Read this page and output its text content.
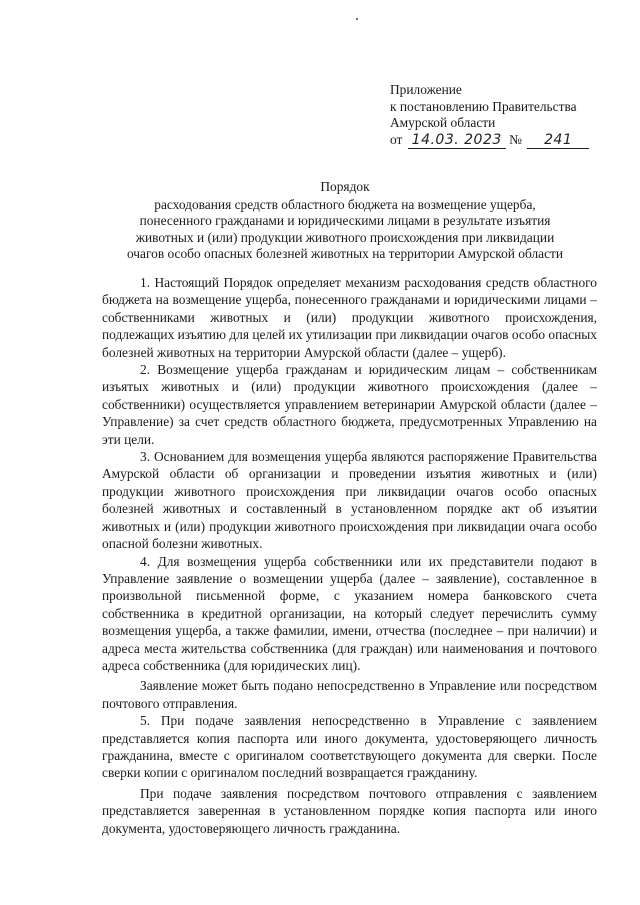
Приложение
к постановлению Правительства
Амурской области
от 14.03. 2023 № 241
Порядок
расходования средств областного бюджета на возмещение ущерба,
понесенного гражданами и юридическими лицами в результате изъятия
животных и (или) продукции животного происхождения при ликвидации
очагов особо опасных болезней животных на территории Амурской области

1. Настоящий Порядок определяет механизм расходования средств областного бюджета на возмещение ущерба, понесенного гражданами и юридическими лицами – собственниками животных и (или) продукции животного происхождения, подлежащих изъятию для целей их утилизации при ликвидации очагов особо опасных болезней животных на территории Амурской области (далее – ущерб).

2. Возмещение ущерба гражданам и юридическим лицам – собственникам изъятых животных и (или) продукции животного происхождения (далее – собственники) осуществляется управлением ветеринарии Амурской области (далее – Управление) за счет средств областного бюджета, предусмотренных Управлению на эти цели.

3. Основанием для возмещения ущерба являются распоряжение Правительства Амурской области об организации и проведении изъятия животных и (или) продукции животного происхождения при ликвидации очагов особо опасных болезней животных и составленный в установленном порядке акт об изъятии животных и (или) продукции животного происхождения при ликвидации очага особо опасной болезни животных.

4. Для возмещения ущерба собственники или их представители подают в Управление заявление о возмещении ущерба (далее – заявление), составленное в произвольной письменной форме, с указанием номера банковского счета собственника в кредитной организации, на который следует перечислить сумму возмещения ущерба, а также фамилии, имени, отчества (последнее – при наличии) и адреса места жительства собственника (для граждан) или наименования и почтового адреса собственника (для юридических лиц).

Заявление может быть подано непосредственно в Управление или посредством почтового отправления.

5. При подаче заявления непосредственно в Управление с заявлением представляется копия паспорта или иного документа, удостоверяющего личность гражданина, вместе с оригиналом соответствующего документа для сверки. После сверки копии с оригиналом последний возвращается гражданину.

При подаче заявления посредством почтового отправления с заявлением представляется заверенная в установленном порядке копия паспорта или иного документа, удостоверяющего личность гражданина.
